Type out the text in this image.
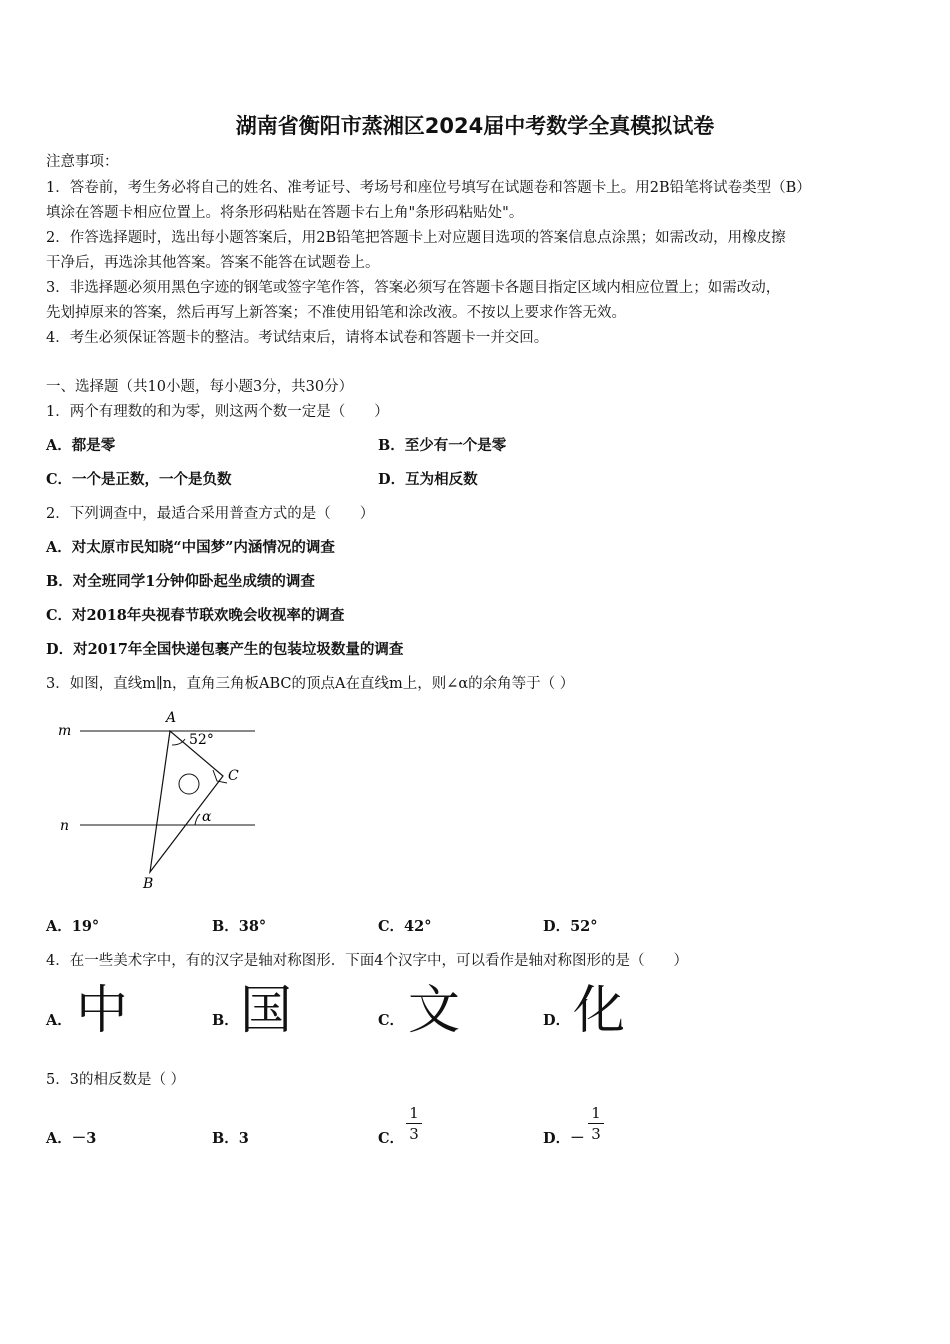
湖南省衡阳市蒸湘区2024届中考数学全真模拟试卷
注意事项：
1．答卷前，考生务必将自己的姓名、准考证号、考场号和座位号填写在试题卷和答题卡上。用2B铅笔将试卷类型（B）
填涂在答题卡相应位置上。将条形码粘贴在答题卡右上角"条形码粘贴处"。
2．作答选择题时，选出每小题答案后，用2B铅笔把答题卡上对应题目选项的答案信息点涂黑；如需改动，用橡皮擦
干净后，再选涂其他答案。答案不能答在试题卷上。
3．非选择题必须用黑色字迹的钢笔或签字笔作答，答案必须写在答题卡各题目指定区域内相应位置上；如需改动，
先划掉原来的答案，然后再写上新答案；不准使用铅笔和涂改液。不按以上要求作答无效。
4．考生必须保证答题卡的整洁。考试结束后，请将本试卷和答题卡一并交回。
一、选择题（共10小题，每小题3分，共30分）
1．两个有理数的和为零，则这两个数一定是（　　）
A．都是零	B．至少有一个是零
C．一个是正数，一个是负数	D．互为相反数
2．下列调查中，最适合采用普查方式的是（　　）
A．对太原市民知晓“中国梦”内涵情况的调查
B．对全班同学1分钟仰卧起坐成绩的调查
C．对2018年央视春节联欢晚会收视率的调查
D．对2017年全国快递包裹产生的包装垃圾数量的调查
3．如图，直线m∥n，直角三角板ABC的顶点A在直线m上，则∠α的余角等于（ ）
m
n
A
B
C
52°
α
A．19°	B．38°	C．42°	D．52°
4．在一些美术字中，有的汉字是轴对称图形．下面4个汉字中，可以看作是轴对称图形的是（　　）
A． 中	B． 国	C． 文	D． 化
5．3的相反数是（ ）
A．－3	B．3	C．
1
3	D．－
1
3
